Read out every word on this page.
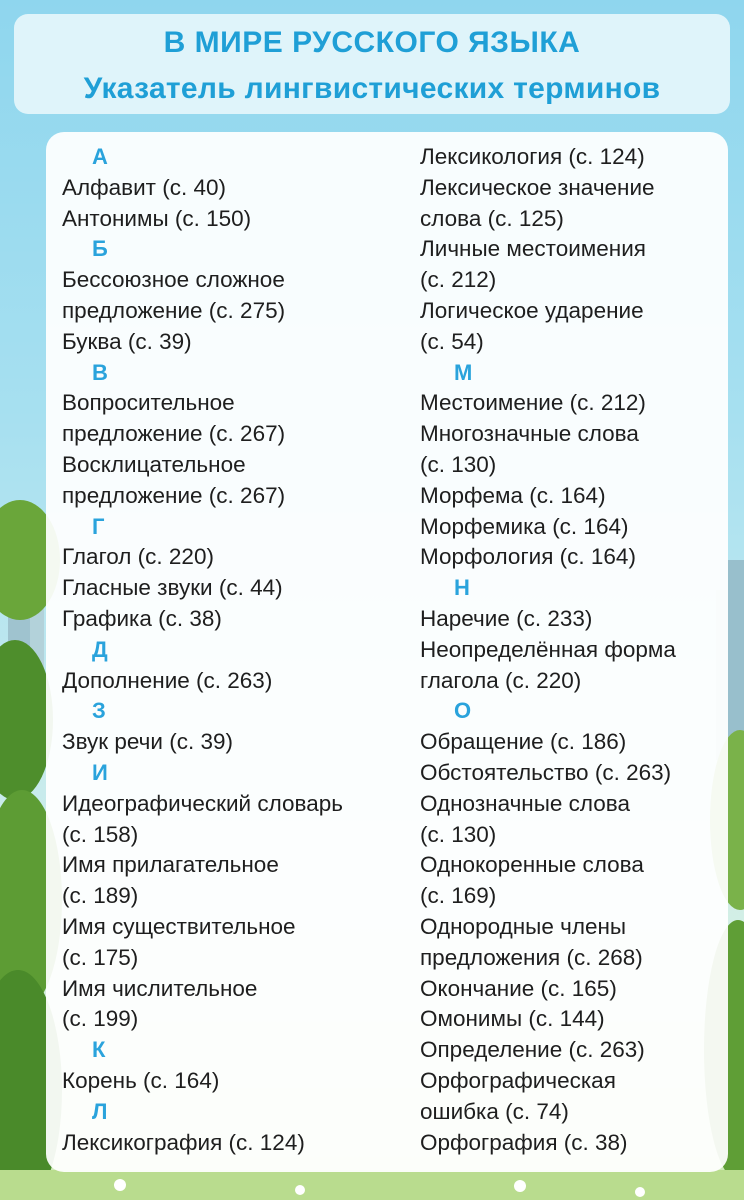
В МИРЕ РУССКОГО ЯЗЫКА
Указатель лингвистических терминов
А
Алфавит (с. 40)
Антонимы (с. 150)
Б
Бессоюзное сложное
предложение (с. 275)
Буква (с. 39)
В
Вопросительное
предложение (с. 267)
Восклицательное
предложение (с. 267)
Г
Глагол (с. 220)
Гласные звуки (с. 44)
Графика (с. 38)
Д
Дополнение (с. 263)
З
Звук речи (с. 39)
И
Идеографический словарь
(с. 158)
Имя прилагательное
(с. 189)
Имя существительное
(с. 175)
Имя числительное
(с. 199)
К
Корень (с. 164)
Л
Лексикография (с. 124)
Лексикология (с. 124)
Лексическое значение
слова (с. 125)
Личные местоимения
(с. 212)
Логическое ударение
(с. 54)
М
Местоимение (с. 212)
Многозначные слова
(с. 130)
Морфема (с. 164)
Морфемика (с. 164)
Морфология (с. 164)
Н
Наречие (с. 233)
Неопределённая форма
глагола (с. 220)
О
Обращение (с. 186)
Обстоятельство (с. 263)
Однозначные слова
(с. 130)
Однокоренные слова
(с. 169)
Однородные члены
предложения (с. 268)
Окончание (с. 165)
Омонимы (с. 144)
Определение (с. 263)
Орфографическая
ошибка (с. 74)
Орфография (с. 38)
